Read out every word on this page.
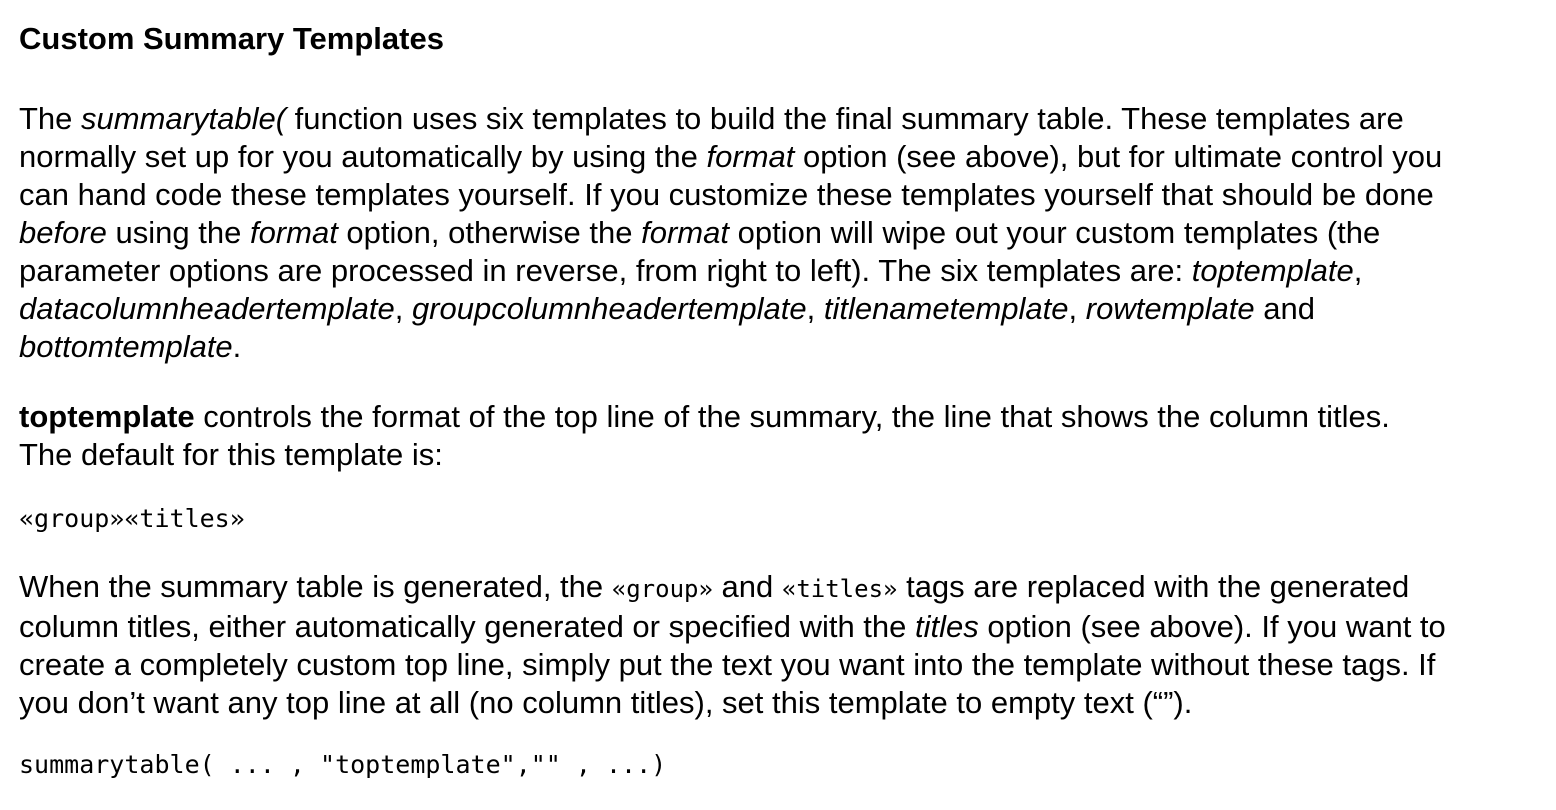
Custom Summary Templates
The summarytable( function uses six templates to build the final summary table. These templates are
normally set up for you automatically by using the format option (see above), but for ultimate control you
can hand code these templates yourself. If you customize these templates yourself that should be done
before using the format option, otherwise the format option will wipe out your custom templates (the
parameter options are processed in reverse, from right to left). The six templates are: toptemplate,
datacolumnheadertemplate, groupcolumnheadertemplate, titlenametemplate, rowtemplate and
bottomtemplate.
toptemplate controls the format of the top line of the summary, the line that shows the column titles.
The default for this template is:
«group»«titles»
When the summary table is generated, the «group» and «titles» tags are replaced with the generated
column titles, either automatically generated or specified with the titles option (see above). If you want to
create a completely custom top line, simply put the text you want into the template without these tags. If
you don’t want any top line at all (no column titles), set this template to empty text (“”).
summarytable( ... , "toptemplate","" , ...)
